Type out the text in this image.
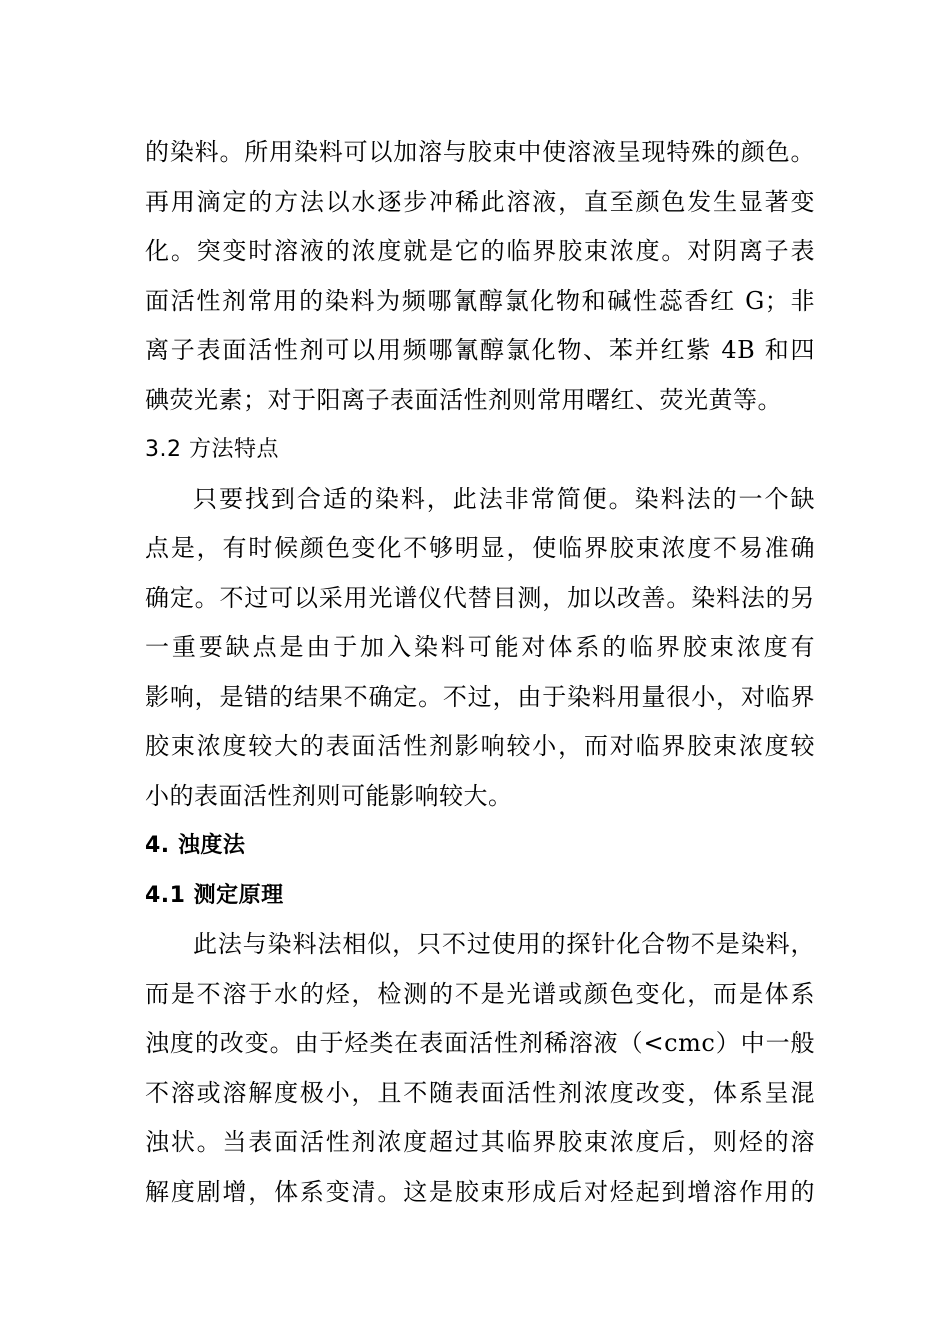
的染料。所用染料可以加溶与胶束中使溶液呈现特殊的颜色。
再用滴定的方法以水逐步冲稀此溶液，直至颜色发生显著变
化。突变时溶液的浓度就是它的临界胶束浓度。对阴离子表
面活性剂常用的染料为频哪氰醇氯化物和碱性蕊香红 G；非
离子表面活性剂可以用频哪氰醇氯化物、苯并红紫 4B 和四
碘荧光素；对于阳离子表面活性剂则常用曙红、荧光黄等。
3.2 方法特点
只要找到合适的染料，此法非常简便。染料法的一个缺
点是，有时候颜色变化不够明显，使临界胶束浓度不易准确
确定。不过可以采用光谱仪代替目测，加以改善。染料法的另
一重要缺点是由于加入染料可能对体系的临界胶束浓度有
影响，是错的结果不确定。不过，由于染料用量很小，对临界
胶束浓度较大的表面活性剂影响较小，而对临界胶束浓度较
小的表面活性剂则可能影响较大。
4. 浊度法
4.1 测定原理
此法与染料法相似，只不过使用的探针化合物不是染料，
而是不溶于水的烃，检测的不是光谱或颜色变化，而是体系
浊度的改变。由于烃类在表面活性剂稀溶液（<cmc）中一般
不溶或溶解度极小，且不随表面活性剂浓度改变，体系呈混
浊状。当表面活性剂浓度超过其临界胶束浓度后，则烃的溶
解度剧增，体系变清。这是胶束形成后对烃起到增溶作用的
